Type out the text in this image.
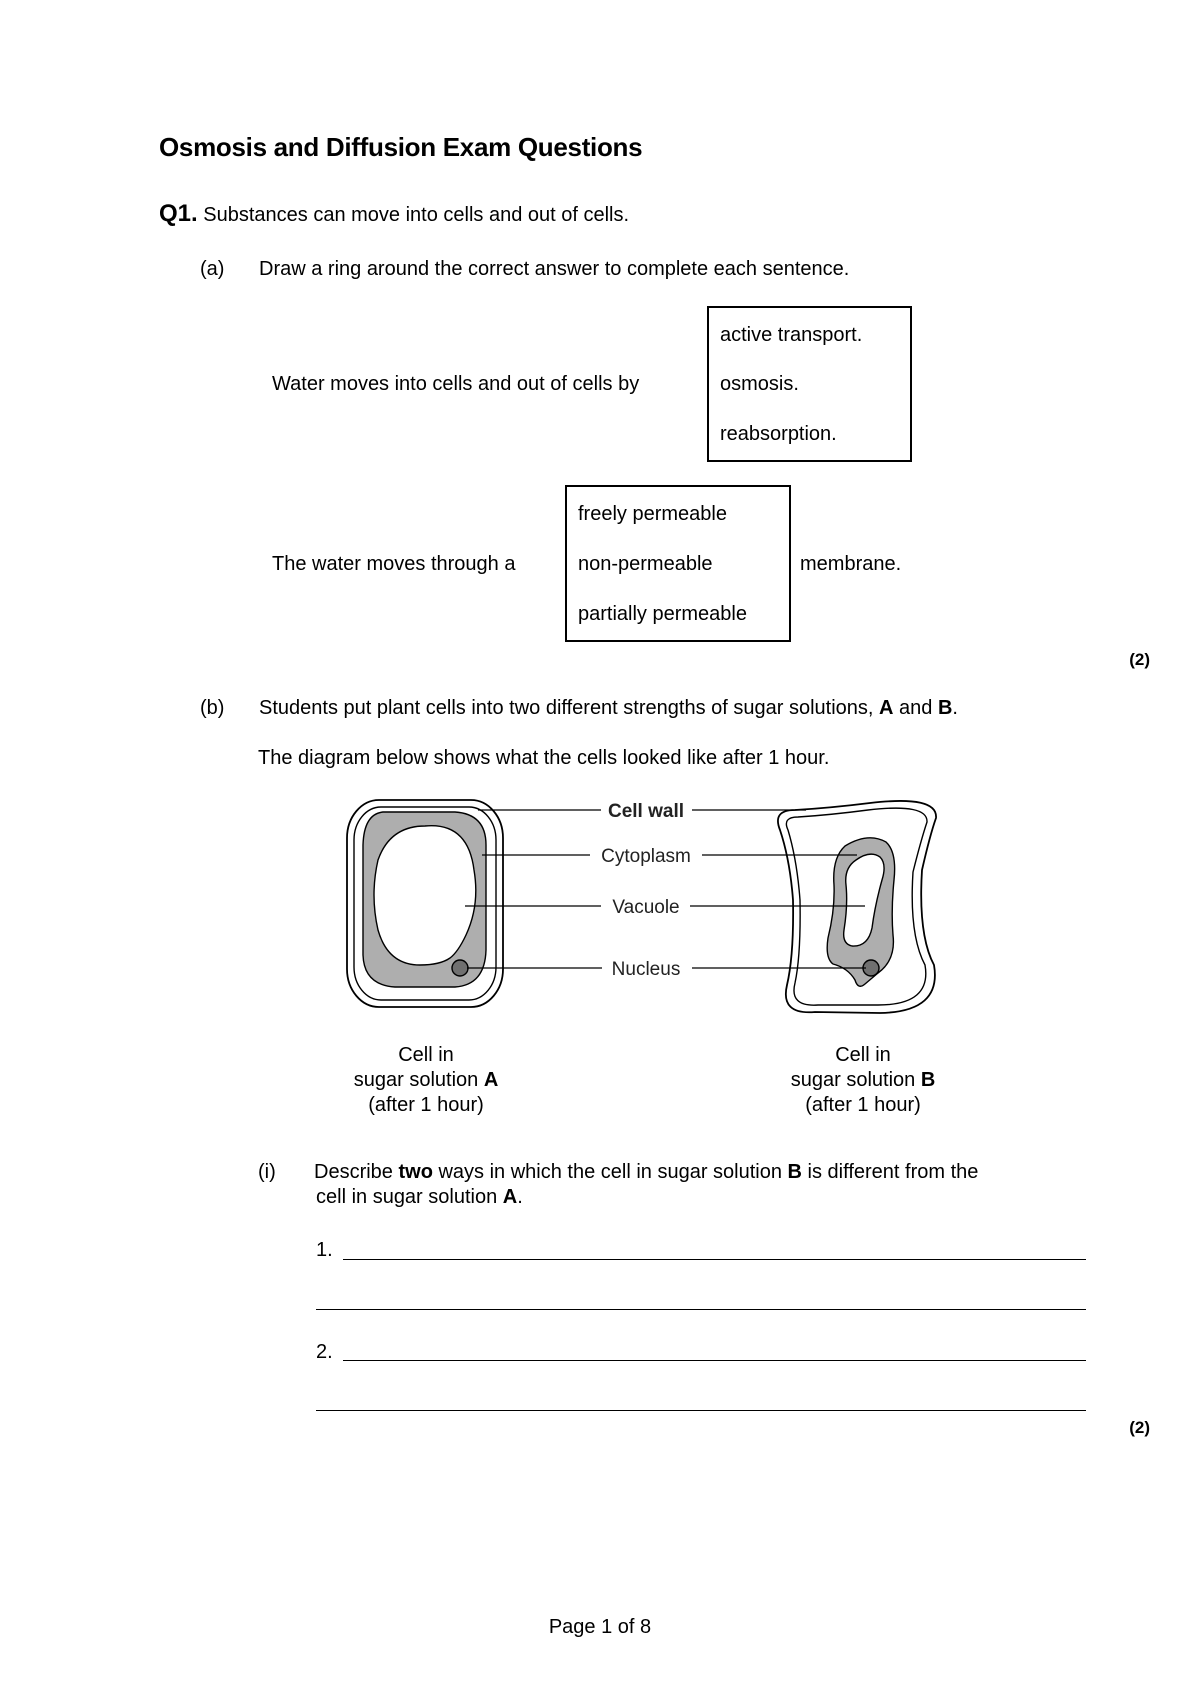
Osmosis and Diffusion Exam Questions
Q1. Substances can move into cells and out of cells.
(a) Draw a ring around the correct answer to complete each sentence.
Water moves into cells and out of cells by
active transport.
osmosis.
reabsorption.
The water moves through a
freely permeable
non-permeable
partially permeable
membrane.
(2)
(b) Students put plant cells into two different strengths of sugar solutions, A and B.
The diagram below shows what the cells looked like after 1 hour.
Cell wall
Cytoplasm
Vacuole
Nucleus
Cell in
sugar solution A
(after 1 hour)
Cell in
sugar solution B
(after 1 hour)
(i) Describe two ways in which the cell in sugar solution B is different from the
cell in sugar solution A.
1.
2.
(2)
Page 1 of 8
